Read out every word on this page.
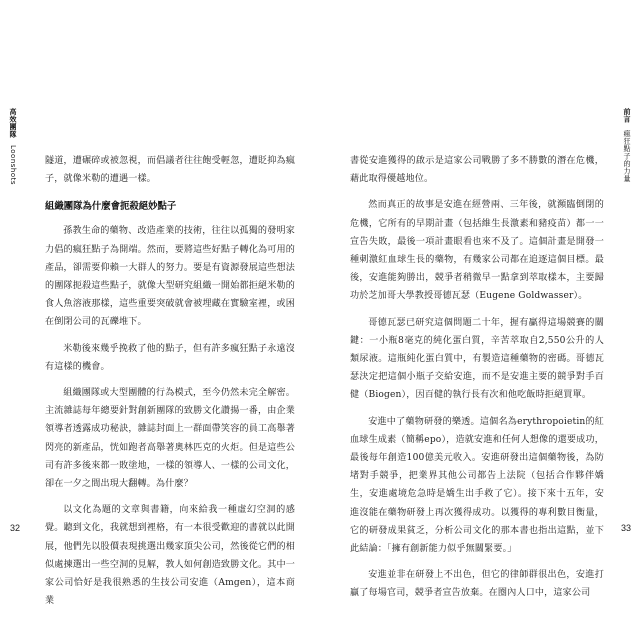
高效團隊 Loonshots	隧道，遭碾碎或被忽視，而倡議者往往飽受輕忽，遭貶抑為瘋子，就像米勒的遭遇一樣。

組織團隊為什麼會扼殺絕妙點子

孫教生命的藥物、改造產業的技術，往往以孤獨的發明家力倡的瘋狂點子為開端。然而，要將這些好點子轉化為可用的產品，卻需要仰賴一大群人的努力。要是有資源發展這些想法的團隊扼殺這些點子，就像大型研究組織一開始都拒絕米勒的食人魚溶液那樣，這些重要突破就會被埋藏在實驗室裡，或困在倒閉公司的瓦礫堆下。

米勒後來幾乎挽救了他的點子，但有許多瘋狂點子永遠沒有這樣的機會。

組織團隊或大型團體的行為模式，至今仍然未完全解密。主流雜誌每年總要針對創新團隊的致勝文化讚揚一番，由企業領導者透露成功秘訣，雜誌封面上一群面帶笑容的員工高舉著閃亮的新產品，恍如跑者高舉著奧林匹克的火炬。但是這些公司有許多後來都一敗塗地，一樣的領導人、一樣的公司文化，卻在一夕之間出現大翻轉。為什麼？

以文化為題的文章與書籍，向來給我一種虛幻空洞的感覺。聽到文化，我就想到裡格，有一本很受歡迎的書就以此開展，他們先以股價表現挑選出幾家頂尖公司，然後從它們的相似處揀選出一些空洞的見解，教人如何創造致勝文化。其中一家公司恰好是我很熟悉的生技公司安進（Amgen），這本商業

32
前言 瘋狂點子的力量

書從安進獲得的啟示是這家公司戰勝了多不勝數的潛在危機，藉此取得優越地位。

然而真正的故事是安進在經營兩、三年後，就瀕臨倒閉的危機，它所有的早期計畫（包括維生長激素和豬疫苗）都一一宣告失敗，最後一項計畫眼看也來不及了。這個計畫是開發一種刺激紅血球生長的藥物，有幾家公司都在追逐這個目標。最後，安進能夠勝出，競爭者稍微早一點拿到萃取樣本，主要歸功於芝加哥大學教授哥德瓦瑟（Eugene Goldwasser）。

哥德瓦瑟已研究這個問題二十年，握有贏得這場競賽的關鍵：一小瓶8毫克的純化蛋白質，辛苦萃取自2,550公升的人類尿液。這瓶純化蛋白質中，有製造這種藥物的密碼。哥德瓦瑟決定把這個小瓶子交給安進，而不是安進主要的競爭對手百健（Biogen），因百健的執行長有次和他吃飯時拒絕買單。

安進中了藥物研發的樂透。這個名為erythropoietin的紅血球生成素（簡稱epo），造就安進和任何人想像的還要成功，最後每年創造100億美元收入。安進研發出這個藥物後，為防堵對手競爭，把業界其他公司都告上法院（包括合作夥伴嬌生，安進處境危急時是嬌生出手救了它）。接下來十五年，安進沒能在藥物研發上再次獲得成功。以獲得的專利數目衡量，它的研發成果貧乏，分析公司文化的那本書也指出這點，並下此結論：「擁有創新能力似乎無關緊要。」

安進並非在研發上不出色，但它的律師群很出色，安進打贏了每場官司，競爭者宣告放棄。在圈內人口中，這家公司

33
